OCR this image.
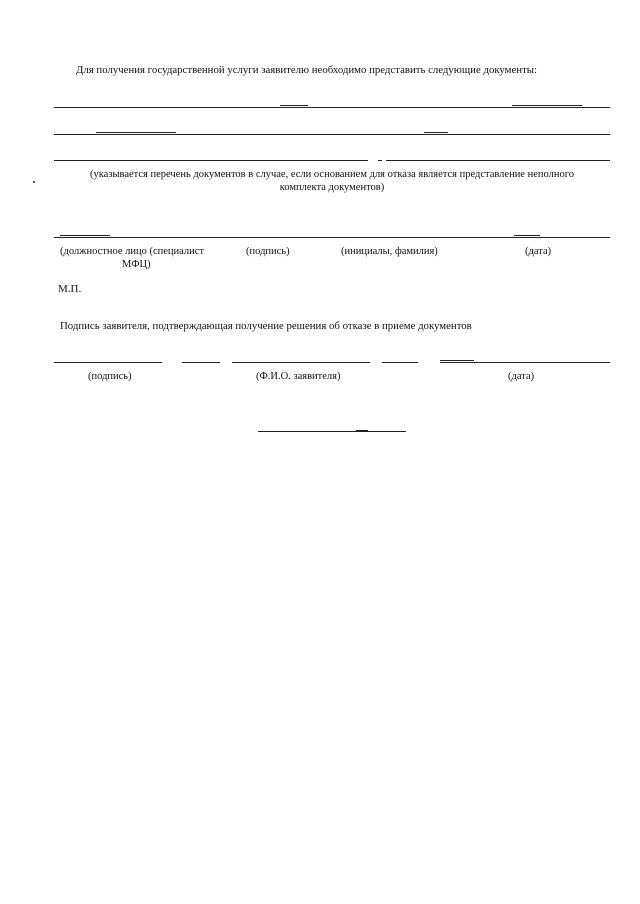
Для получения государственной услуги заявителю необходимо представить следующие документы:
(указывается перечень документов в случае, если основанием для отказа является представление неполного
комплекта документов)
(должностное лицо (специалист
МФЦ)
(подпись)	(инициалы, фамилия)	(дата)
М.П.
Подпись заявителя, подтверждающая получение решения об отказе в приеме документов
(подпись)	(Ф.И.О. заявителя)	(дата)
